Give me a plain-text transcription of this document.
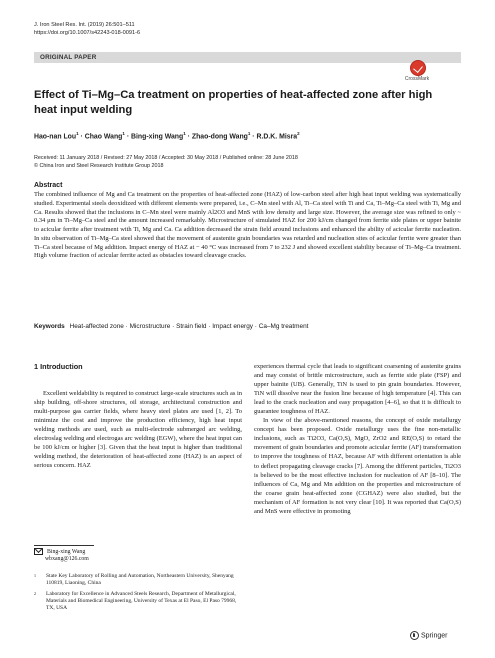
J. Iron Steel Res. Int. (2019) 26:501–511
https://doi.org/10.1007/s42243-018-0091-6
ORIGINAL PAPER
CrossMark
Effect of Ti–Mg–Ca treatment on properties of heat-affected zone after high heat input welding
Hao-nan Lou$^1$ · Chao Wang$^1$ · Bing-xing Wang$^1$ · Zhao-dong Wang$^1$ · R.D.K. Misra$^2$
Received: 11 January 2018 / Revised: 27 May 2018 / Accepted: 30 May 2018 / Published online: 28 June 2018
© China Iron and Steel Research Institute Group 2018
Abstract
The combined influence of Mg and Ca treatment on the properties of heat-affected zone (HAZ) of low-carbon steel after high heat input welding was systematically studied. Experimental steels deoxidized with different elements were prepared, i.e., C–Mn steel with Al, Ti–Ca steel with Ti and Ca, Ti–Mg–Ca steel with Ti, Mg and Ca. Results showed that the inclusions in C–Mn steel were mainly Al2O3 and MnS with low density and large size. However, the average size was refined to only ~ 0.34 μm in Ti–Mg–Ca steel and the amount increased remarkably. Microstructure of simulated HAZ for 200 kJ/cm changed from ferrite side plates or upper bainite to acicular ferrite after treatment with Ti, Mg and Ca. Ca addition decreased the strain field around inclusions and enhanced the ability of acicular ferrite nucleation. In situ observation of Ti–Mg–Ca steel showed that the movement of austenite grain boundaries was retarded and nucleation sites of acicular ferrite were greater than Ti–Ca steel because of Mg addition. Impact energy of HAZ at − 40 °C was increased from 7 to 232 J and showed excellent stability because of Ti–Mg–Ca treatment. High volume fraction of acicular ferrite acted as obstacles toward cleavage cracks.
Keywords Heat-affected zone · Microstructure · Strain field · Impact energy · Ca–Mg treatment
1 Introduction
Excellent weldability is required to construct large-scale structures such as in ship building, off-shore structures, oil storage, architectural construction and multi-purpose gas carrier fields, where heavy steel plates are used [1, 2]. To minimize the cost and improve the production efficiency, high heat input welding methods are used, such as multi-electrode submerged arc welding, electroslag welding and electrogas arc welding (EGW), where the heat input can be 100 kJ/cm or higher [3]. Given that the heat input is higher than traditional welding method, the deterioration of heat-affected zone (HAZ) is an aspect of serious concern. HAZ
experiences thermal cycle that leads to significant coarsening of austenite grains and may consist of brittle microstructure, such as ferrite side plate (FSP) and upper bainite (UB). Generally, TiN is used to pin grain boundaries. However, TiN will dissolve near the fusion line because of high temperature [4]. This can lead to the crack nucleation and easy propagation [4–6], so that it is difficult to guarantee toughness of HAZ.
In view of the above-mentioned reasons, the concept of oxide metallurgy concept has been proposed. Oxide metallurgy uses the fine non-metallic inclusions, such as Ti2O3, Ca(O,S), MgO, ZrO2 and RE(O,S) to retard the movement of grain boundaries and promote acicular ferrite (AF) transformation to improve the toughness of HAZ, because AF with different orientation is able to deflect propagating cleavage cracks [7]. Among the different particles, Ti2O3 is believed to be the most effective inclusion for nucleation of AF [8–10]. The influences of Ca, Mg and Mn addition on the properties and microstructure of the coarse grain heat-affected zone (CGHAZ) were also studied, but the mechanism of AF formation is not very clear [10]. It was reported that Ca(O,S) and MnS were effective in promoting
Bing-xing Wang
wbxang@126.com
1 State Key Laboratory of Rolling and Automation, Northeastern University, Shenyang 110819, Liaoning, China
2 Laboratory for Excellence in Advanced Steels Research, Department of Metallurgical, Materials and Biomedical Engineering, University of Texas at El Paso, El Paso 79968, TX, USA
Springer
